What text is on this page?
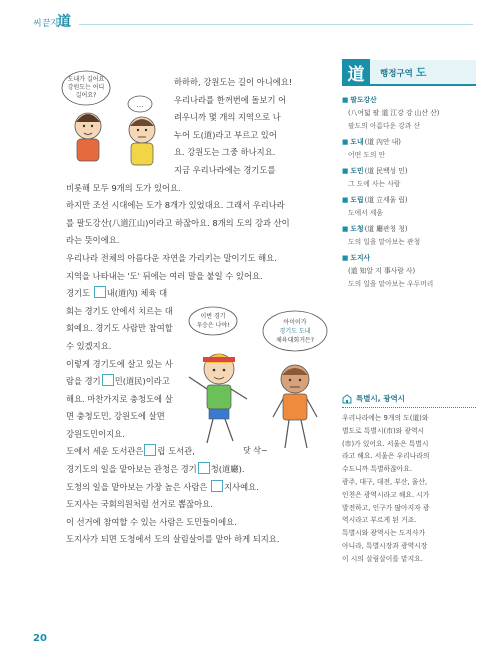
씨끝자
道
도내가 길어요
강원도는 어디
길어요?
…
하하하, 강원도는 길이 아니에요!
우리나라를 한꺼번에 돌보기 어
려우니까 몇 개의 지역으로 나
누어 도(道)라고 부르고 있어
요. 강원도는 그중 하나지요.
지금 우리나라에는 경기도를
비롯해 모두 9개의 도가 있어요.
하지만 조선 시대에는 도가 8개가 있었대요. 그래서 우리나라
를 팔도강산(八道江山)이라고 하잖아요. 8개의 도의 강과 산이
라는 뜻이에요.
우리나라 전체의 아름다운 자연을 가리키는 말이기도 해요.
지역을 나타내는 '도' 뒤에는 여러 말을 붙일 수 있어요.
경기도 내(道內) 체육 대
회는 경기도 안에서 치르는 대
회예요. 경기도 사람만 참여할
수 있겠지요.
이렇게 경기도에 살고 있는 사
람을 경기 민(道民)이라고
해요. 마찬가지로 충청도에 살
면 충청도민, 강원도에 살면
강원도민이지요.
도에서 세운 도서관은 립 도서관,
경기도의 일을 맡아보는 관청은 경기 청(道廳).
도청의 일을 맡아보는 가장 높은 사람은 지사예요.
도지사는 국회의원처럼 선거로 뽑잖아요.
이 선거에 참여할 수 있는 사람은 도민들이에요.
도지사가 되면 도청에서 도의 살림살이를 맡아 하게 되지요.
이번 경기
우승은 나야!	아이이가
경기도 도내
체육대회거든?
닷 삭~
道	행정구역 도
■ 팔도강산
(八여덟 팔 道 江강 강 山산 산)
팔도의 아름다운 강과 산
■ 도내(道 內안 내)
어떤 도의 안
■ 도민(道 民백성 민)
그 도에 사는 사람
■ 도립(道 立세울 립)
도에서 세움
■ 도청(道 廳관청 청)
도의 일을 맡아보는 관청
■ 도지사
(道 知알 지 事사람 사)
도의 일을 맡아보는 우두머리
특별시, 광역시
우리나라에는 9개의 도(道)와
별도로 특별시(市)와 광역시
(市)가 있어요. 서울은 특별시
라고 해요. 서울은 우리나라의
수도니까 특별하잖아요.
광주, 대구, 대전, 부산, 울산,
인천은 광역시라고 해요. 시가
발전하고, 인구가 많아지자 광
역시라고 부르게 된 거죠.
특별시와 광역시는 도지사가
아니라, 특별시장과 광역시장
이 시의 살림살이를 맡지요.
20
